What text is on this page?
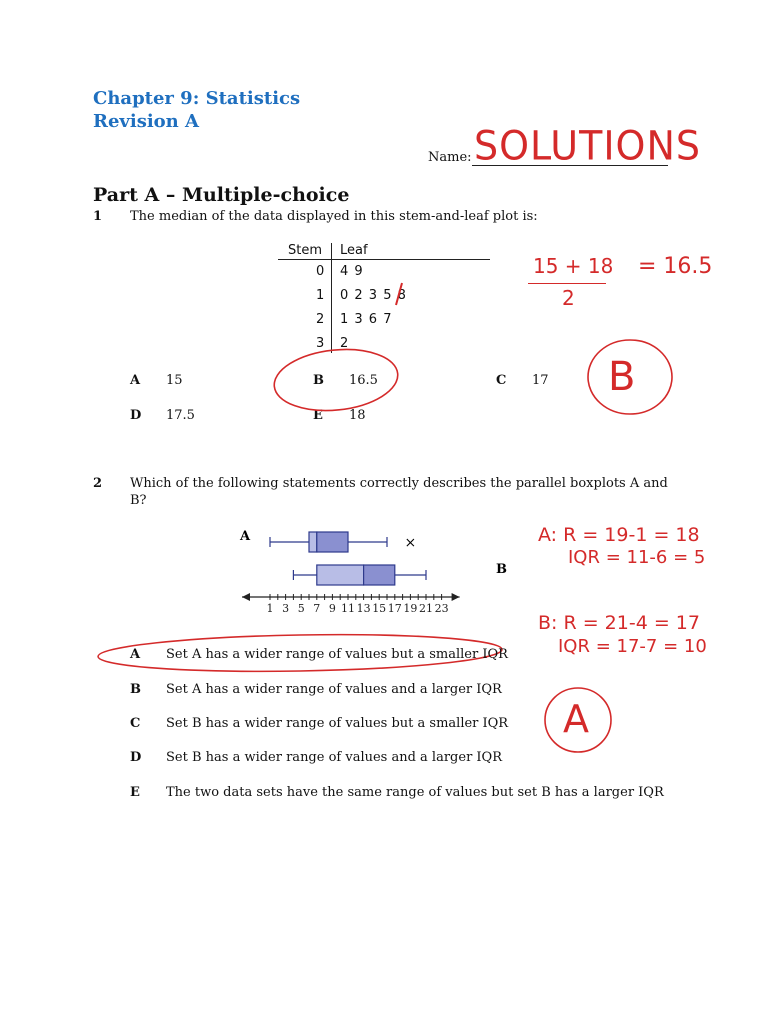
Chapter 9: Statistics
Revision A
Name: SOLUTIONS
Part A – Multiple-choice
1 The median of the data displayed in this stem-and-leaf plot is:
Stem Leaf
0 4 9
1 0 2 3 5 8
2 1 3 6 7
3 2
A 15	B 16.5	C 17
D 17.5	E 18
15 + 18
2
= 16.5
B
2 Which of the following statements correctly describes the parallel boxplots A and
B?
A
B
1 3 5 7 9 11 13 15 17 19 21 23
×
A Set A has a wider range of values but a smaller IQR
B Set A has a wider range of values and a larger IQR
C Set B has a wider range of values but a smaller IQR
D Set B has a wider range of values and a larger IQR
E The two data sets have the same range of values but set B has a larger IQR
A: R = 19-1 = 18
IQR = 11-6 = 5
B: R = 21-4 = 17
IQR = 17-7 = 10
A
